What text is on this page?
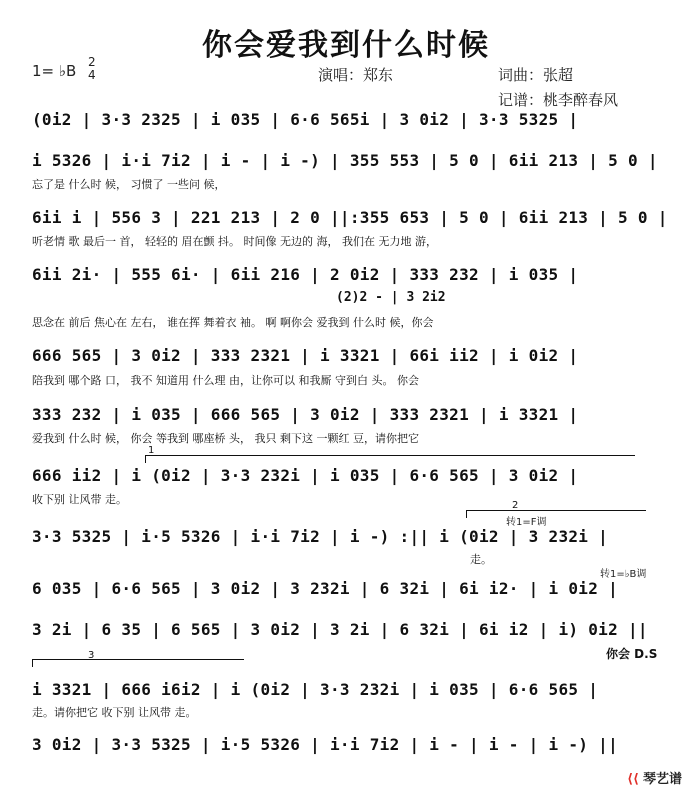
你会爱我到什么时候
1= ♭B 2
4	演唱：郑东	词曲：张超
记谱：桃李醉春风
(0i2 | 3·3 2325 | i 035 | 6·6 565i | 3 0i2 | 3·3 5325 |
i 5326 | i·i 7i2 | i - | i -) | 355 553 | 5 0 | 6ii 213 | 5 0 |
忘了是 什么时 候， 习惯了 一些问 候，
6ii i | 556 3 | 221 213 | 2 0 ||:355 653 | 5 0 | 6ii 213 | 5 0 |
听老情 歌 最后一 首， 轻轻的 眉在颤 抖。 时间像 无边的 海， 我们在 无力地 游，
6ii 2i· | 555 6i· | 6ii 216 | 2 0i2 | 333 232 | i 035 |
(2)2 - | 3 2i2
思念在 前后 焦心在 左右， 谁在挥 舞着衣 袖。 啊 啊你会 爱我到 什么时 候，你会
666 565 | 3 0i2 | 333 2321 | i 3321 | 66i ii2 | i 0i2 |
陪我到 哪个路 口， 我不 知道用 什么理 由，让你可以 和我厮 守到白 头。 你会
333 232 | i 035 | 666 565 | 3 0i2 | 333 2321 | i 3321 |
爱我到 什么时 候， 你会 等我到 哪座桥 头， 我只 剩下这 一颗红 豆，请你把它
1
666 ii2 | i (0i2 | 3·3 232i | i 035 | 6·6 565 | 3 0i2 |
收下别 让风带 走。	2
转1=F调
3·3 5325 | i·5 5326 | i·i 7i2 | i -) :|| i (0i2 | 3 232i |
走。
6 035 | 6·6 565 | 3 0i2 | 3 232i | 6 32i | 6i i2· | i 0i2 |
转1=♭B调
3 2i | 6 35 | 6 565 | 3 0i2 | 3 2i | 6 32i | 6i i2 | i) 0i2 ||
你会 D.S
3
i 3321 | 666 i6i2 | i (0i2 | 3·3 232i | i 035 | 6·6 565 |
走。请你把它 收下别 让风带 走。
3 0i2 | 3·3 5325 | i·5 5326 | i·i 7i2 | i - | i - | i -) ||
⟨⟨ 琴艺谱
